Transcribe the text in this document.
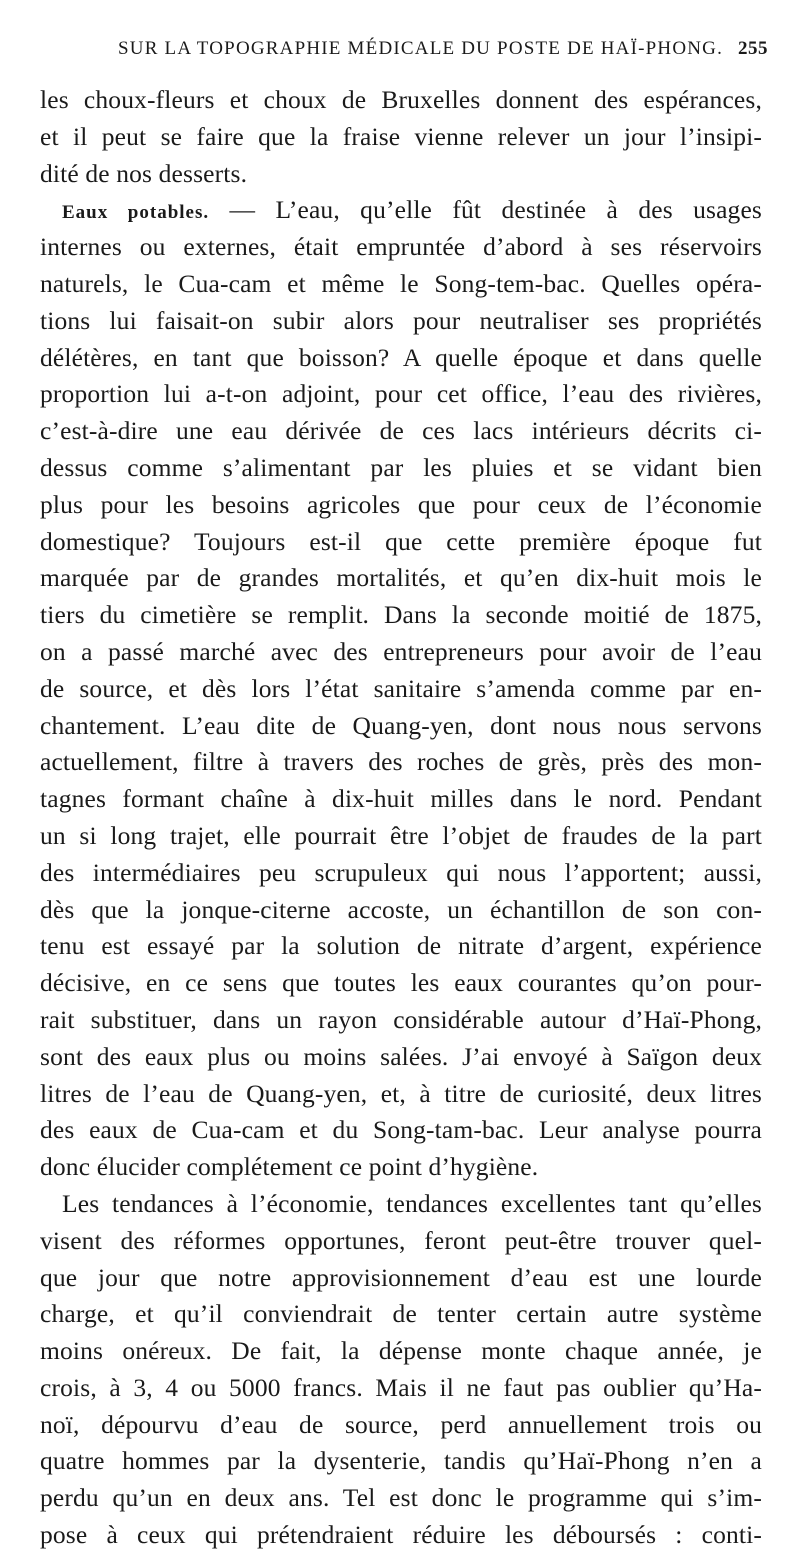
SUR LA TOPOGRAPHIE MÉDICALE DU POSTE DE HAÏ-PHONG. 255
les choux-fleurs et choux de Bruxelles donnent des espérances,
et il peut se faire que la fraise vienne relever un jour l’insipi-
dité de nos desserts.
Eaux potables. — L’eau, qu’elle fût destinée à des usages
internes ou externes, était empruntée d’abord à ses réservoirs
naturels, le Cua-cam et même le Song-tem-bac. Quelles opéra-
tions lui faisait-on subir alors pour neutraliser ses propriétés
délétères, en tant que boisson? A quelle époque et dans quelle
proportion lui a-t-on adjoint, pour cet office, l’eau des rivières,
c’est-à-dire une eau dérivée de ces lacs intérieurs décrits ci-
dessus comme s’alimentant par les pluies et se vidant bien
plus pour les besoins agricoles que pour ceux de l’économie
domestique? Toujours est-il que cette première époque fut
marquée par de grandes mortalités, et qu’en dix-huit mois le
tiers du cimetière se remplit. Dans la seconde moitié de 1875,
on a passé marché avec des entrepreneurs pour avoir de l’eau
de source, et dès lors l’état sanitaire s’amenda comme par en-
chantement. L’eau dite de Quang-yen, dont nous nous servons
actuellement, filtre à travers des roches de grès, près des mon-
tagnes formant chaîne à dix-huit milles dans le nord. Pendant
un si long trajet, elle pourrait être l’objet de fraudes de la part
des intermédiaires peu scrupuleux qui nous l’apportent; aussi,
dès que la jonque-citerne accoste, un échantillon de son con-
tenu est essayé par la solution de nitrate d’argent, expérience
décisive, en ce sens que toutes les eaux courantes qu’on pour-
rait substituer, dans un rayon considérable autour d’Haï-Phong,
sont des eaux plus ou moins salées. J’ai envoyé à Saïgon deux
litres de l’eau de Quang-yen, et, à titre de curiosité, deux litres
des eaux de Cua-cam et du Song-tam-bac. Leur analyse pourra
donc élucider complétement ce point d’hygiène.
Les tendances à l’économie, tendances excellentes tant qu’elles
visent des réformes opportunes, feront peut-être trouver quel-
que jour que notre approvisionnement d’eau est une lourde
charge, et qu’il conviendrait de tenter certain autre système
moins onéreux. De fait, la dépense monte chaque année, je
crois, à 3, 4 ou 5000 francs. Mais il ne faut pas oublier qu’Ha-
noï, dépourvu d’eau de source, perd annuellement trois ou
quatre hommes par la dysenterie, tandis qu’Haï-Phong n’en a
perdu qu’un en deux ans. Tel est donc le programme qui s’im-
pose à ceux qui prétendraient réduire les déboursés : conti-
